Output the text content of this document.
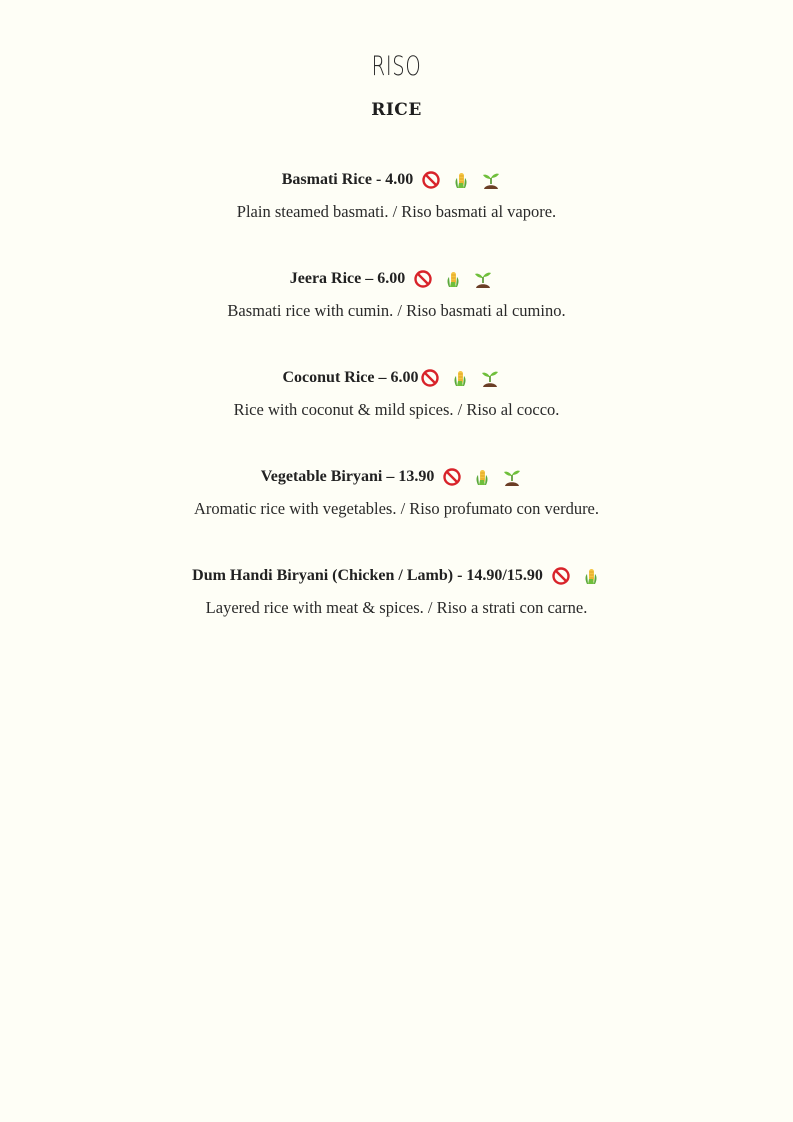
RISO
RICE
Basmati Rice - 4.00
Plain steamed basmati. / Riso basmati al vapore.
Jeera Rice – 6.00
Basmati rice with cumin. / Riso basmati al cumino.
Coconut Rice – 6.00
Rice with coconut & mild spices. / Riso al cocco.
Vegetable Biryani – 13.90
Aromatic rice with vegetables. / Riso profumato con verdure.
Dum Handi Biryani (Chicken / Lamb) - 14.90/15.90
Layered rice with meat & spices. / Riso a strati con carne.
